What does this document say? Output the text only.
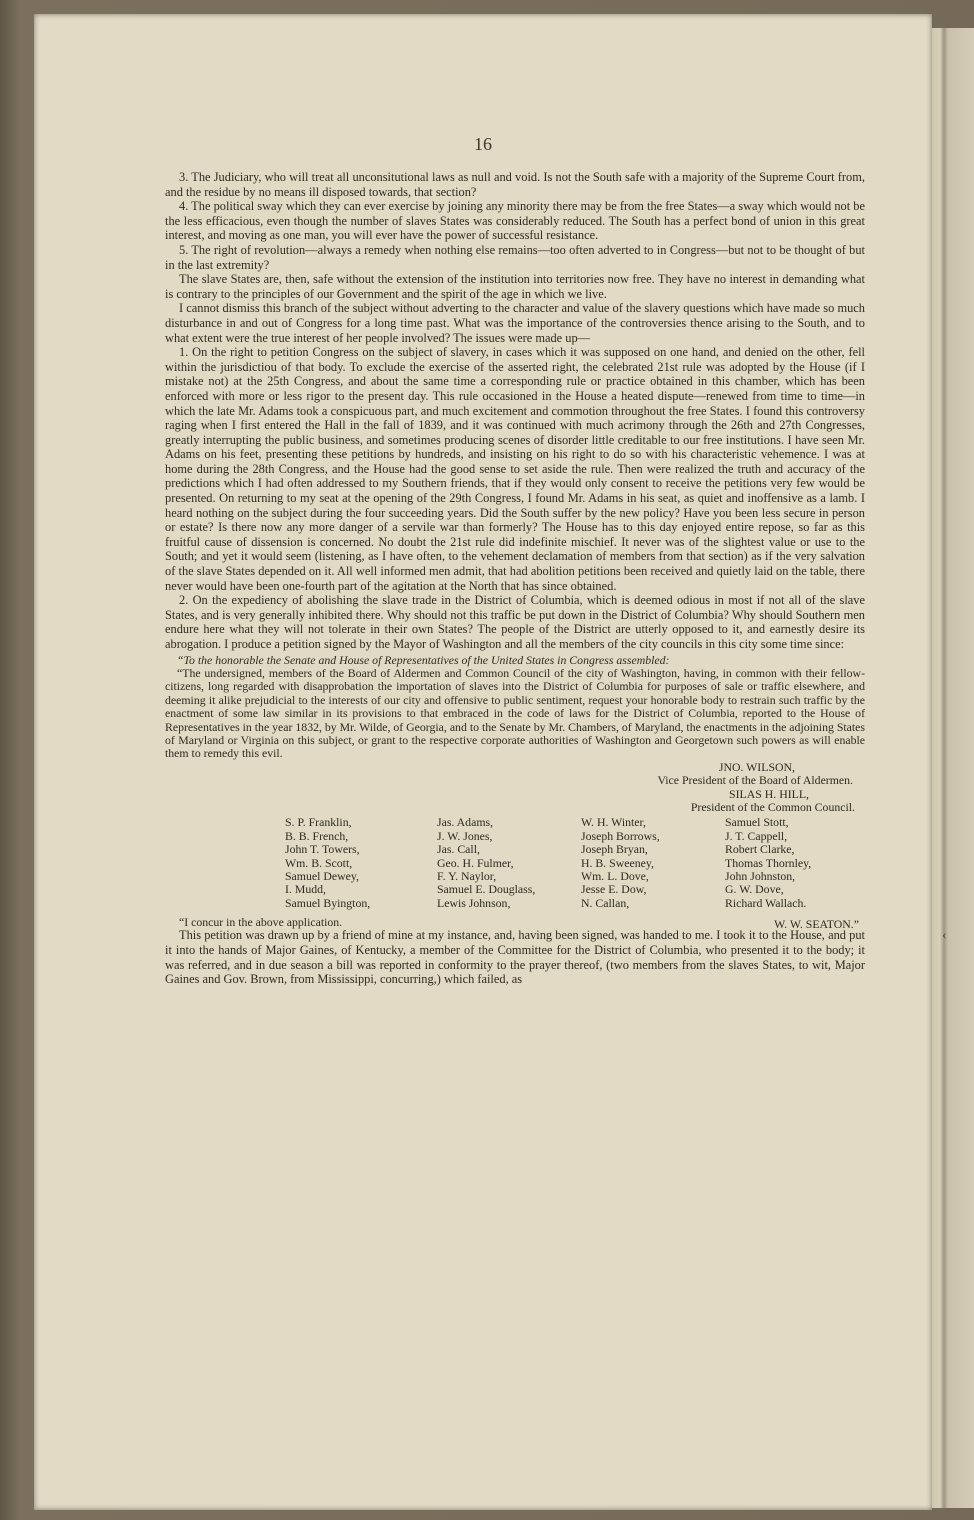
16

3. The Judiciary, who will treat all unconsitutional laws as null and void. Is not the South safe with a majority of the Supreme Court from, and the residue by no means ill disposed towards, that section?

4. The political sway which they can ever exercise by joining any minority there may be from the free States—a sway which would not be the less efficacious, even though the number of slaves States was considerably reduced. The South has a perfect bond of union in this great interest, and moving as one man, you will ever have the power of successful resistance.

5. The right of revolution—always a remedy when nothing else remains—too often adverted to in Congress—but not to be thought of but in the last extremity?

The slave States are, then, safe without the extension of the institution into territories now free. They have no interest in demanding what is contrary to the principles of our Government and the spirit of the age in which we live.

I cannot dismiss this branch of the subject without adverting to the character and value of the slavery questions which have made so much disturbance in and out of Congress for a long time past. What was the importance of the controversies thence arising to the South, and to what extent were the true interest of her people involved? The issues were made up—

1. On the right to petition Congress on the subject of slavery, in cases which it was supposed on one hand, and denied on the other, fell within the jurisdictiou of that body. To exclude the exercise of the asserted right, the celebrated 21st rule was adopted by the House (if I mistake not) at the 25th Congress, and about the same time a corresponding rule or practice obtained in this chamber, which has been enforced with more or less rigor to the present day. This rule occasioned in the House a heated dispute—renewed from time to time—in which the late Mr. Adams took a conspicuous part, and much excitement and commotion throughout the free States. I found this controversy raging when I first entered the Hall in the fall of 1839, and it was continued with much acrimony through the 26th and 27th Congresses, greatly interrupting the public business, and sometimes producing scenes of disorder little creditable to our free institutions. I have seen Mr. Adams on his feet, presenting these petitions by hundreds, and insisting on his right to do so with his characteristic vehemence. I was at home during the 28th Congress, and the House had the good sense to set aside the rule. Then were realized the truth and accuracy of the predictions which I had often addressed to my Southern friends, that if they would only consent to receive the petitions very few would be presented. On returning to my seat at the opening of the 29th Congress, I found Mr. Adams in his seat, as quiet and inoffensive as a lamb. I heard nothing on the subject during the four succeeding years. Did the South suffer by the new policy? Have you been less secure in person or estate? Is there now any more danger of a servile war than formerly? The House has to this day enjoyed entire repose, so far as this fruitful cause of dissension is concerned. No doubt the 21st rule did indefinite mischief. It never was of the slightest value or use to the South; and yet it would seem (listening, as I have often, to the vehement declamation of members from that section) as if the very salvation of the slave States depended on it. All well informed men admit, that had abolition petitions been received and quietly laid on the table, there never would have been one-fourth part of the agitation at the North that has since obtained.

2. On the expediency of abolishing the slave trade in the District of Columbia, which is deemed odious in most if not all of the slave States, and is very generally inhibited there. Why should not this traffic be put down in the District of Columbia? Why should Southern men endure here what they will not tolerate in their own States? The people of the District are utterly opposed to it, and earnestly desire its abrogation. I produce a petition signed by the Mayor of Washington and all the members of the city councils in this city some time since:

“To the honorable the Senate and House of Representatives of the United States in Congress assembled:

“The undersigned, members of the Board of Aldermen and Common Council of the city of Washington, having, in common with their fellow-citizens, long regarded with disapprobation the importation of slaves into the District of Columbia for purposes of sale or traffic elsewhere, and deeming it alike prejudicial to the interests of our city and offensive to public sentiment, request your honorable body to restrain such traffic by the enactment of some law similar in its provisions to that embraced in the code of laws for the District of Columbia, reported to the House of Representatives in the year 1832, by Mr. Wilde, of Georgia, and to the Senate by Mr. Chambers, of Maryland, the enactments in the adjoining States of Maryland or Virginia on this subject, or grant to the respective corporate authorities of Washington and Georgetown such powers as will enable them to remedy this evil.

JNO. WILSON,
Vice President of the Board of Aldermen.
SILAS H. HILL,
President of the Common Council.
S. P. Franklin,
B. B. French,
John T. Towers,
Wm. B. Scott,
Samuel Dewey,
I. Mudd,
Samuel Byington,
Jas. Adams,
J. W. Jones,
Jas. Call,
Geo. H. Fulmer,
F. Y. Naylor,
Samuel E. Douglass,
Lewis Johnson,
W. H. Winter,
Joseph Borrows,
Joseph Bryan,
H. B. Sweeney,
Wm. L. Dove,
Jesse E. Dow,
N. Callan,
Samuel Stott,
J. T. Cappell,
Robert Clarke,
Thomas Thornley,
John Johnston,
G. W. Dove,
Richard Wallach.
“I concur in the above application.	W. W. SEATON.”

This petition was drawn up by a friend of mine at my instance, and, having been signed, was handed to me. I took it to the House, and put it into the hands of Major Gaines, of Kentucky, a member of the Committee for the District of Columbia, who presented it to the body; it was referred, and in due season a bill was reported in conformity to the prayer thereof, (two members from the slaves States, to wit, Major Gaines and Gov. Brown, from Mississippi, concurring,) which failed, as

‹
